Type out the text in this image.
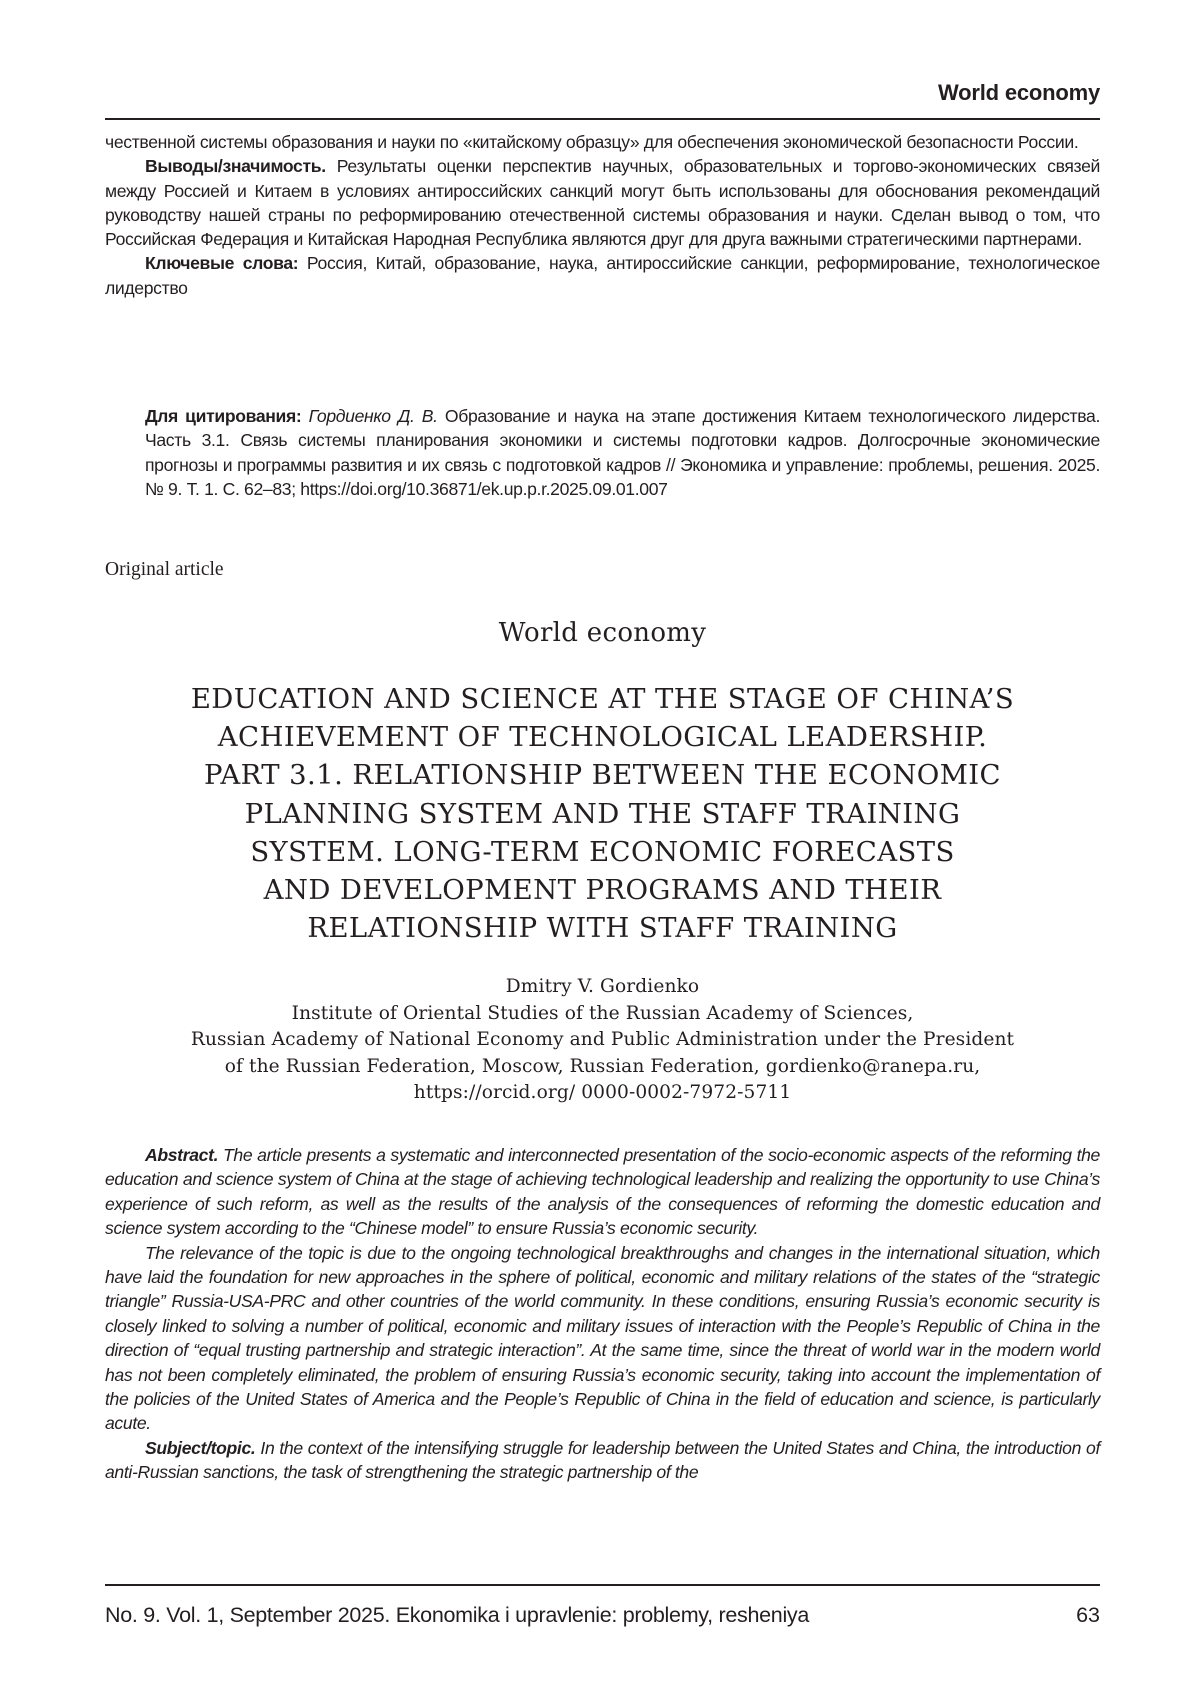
World economy

чественной системы образования и науки по «китайскому образцу» для обеспечения экономической безопасности России.

Выводы/значимость. Результаты оценки перспектив научных, образовательных и торгово-экономических связей между Россией и Китаем в условиях антироссийских санкций могут быть использованы для обоснования рекомендаций руководству нашей страны по реформированию отечественной системы образования и науки. Сделан вывод о том, что Российская Федерация и Китайская Народная Республика являются друг для друга важными стратегическими партнерами.

Ключевые слова: Россия, Китай, образование, наука, антироссийские санкции, реформирование, технологическое лидерство

Для цитирования: Гордиенко Д. В. Образование и наука на этапе достижения Китаем технологического лидерства. Часть 3.1. Связь системы планирования экономики и системы подготовки кадров. Долгосрочные экономические прогнозы и программы развития и их связь с подготовкой кадров // Экономика и управление: проблемы, решения. 2025. № 9. Т. 1. С. 62–83; https://doi.org/10.36871/ek.up.p.r.2025.09.01.007
Original article
World economy
EDUCATION AND SCIENCE AT THE STAGE OF CHINA’S
ACHIEVEMENT OF TECHNOLOGICAL LEADERSHIP.
PART 3.1. RELATIONSHIP BETWEEN THE ECONOMIC
PLANNING SYSTEM AND THE STAFF TRAINING
SYSTEM. LONG-TERM ECONOMIC FORECASTS
AND DEVELOPMENT PROGRAMS AND THEIR
RELATIONSHIP WITH STAFF TRAINING
Dmitry V. Gordienko
Institute of Oriental Studies of the Russian Academy of Sciences,
Russian Academy of National Economy and Public Administration under the President
of the Russian Federation, Moscow, Russian Federation, gordienko@ranepa.ru,
https://orcid.org/ 0000-0002-7972-5711

Abstract. The article presents a systematic and interconnected presentation of the socio-economic aspects of the reforming the education and science system of China at the stage of achieving technological leadership and realizing the opportunity to use China’s experience of such reform, as well as the results of the analysis of the consequences of reforming the domestic education and science system according to the “Chinese model” to ensure Russia’s economic security.

The relevance of the topic is due to the ongoing technological breakthroughs and changes in the international situation, which have laid the foundation for new approaches in the sphere of political, economic and military relations of the states of the “strategic triangle” Russia-USA-PRC and other countries of the world community. In these conditions, ensuring Russia’s economic security is closely linked to solving a number of political, economic and military issues of interaction with the People’s Republic of China in the direction of “equal trusting partnership and strategic interaction”. At the same time, since the threat of world war in the modern world has not been completely eliminated, the problem of ensuring Russia’s economic security, taking into account the implementation of the policies of the United States of America and the People’s Republic of China in the field of education and science, is particularly acute.

Subject/topic. In the context of the intensifying struggle for leadership between the United States and China, the introduction of anti-Russian sanctions, the task of strengthening the strategic partnership of the

No. 9. Vol. 1, September 2025. Ekonomika i upravlenie: problemy, resheniya	63
